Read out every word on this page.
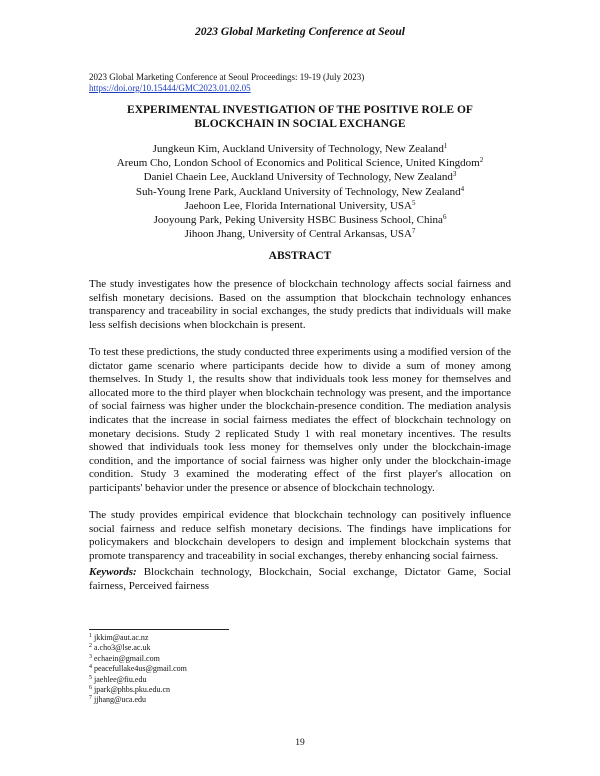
2023 Global Marketing Conference at Seoul
2023 Global Marketing Conference at Seoul Proceedings: 19-19 (July 2023)
https://doi.org/10.15444/GMC2023.01.02.05
EXPERIMENTAL INVESTIGATION OF THE POSITIVE ROLE OF
BLOCKCHAIN IN SOCIAL EXCHANGE
Jungkeun Kim, Auckland University of Technology, New Zealand$^1$
Areum Cho, London School of Economics and Political Science, United Kingdom$^2$
Daniel Chaein Lee, Auckland University of Technology, New Zealand$^3$
Suh-Young Irene Park, Auckland University of Technology, New Zealand$^4$
Jaehoon Lee, Florida International University, USA$^5$
Jooyoung Park, Peking University HSBC Business School, China$^6$
Jihoon Jhang, University of Central Arkansas, USA$^7$
ABSTRACT

The study investigates how the presence of blockchain technology affects social fairness and selfish monetary decisions. Based on the assumption that blockchain technology enhances transparency and traceability in social exchanges, the study predicts that individuals will make less selfish decisions when blockchain is present.

To test these predictions, the study conducted three experiments using a modified version of the dictator game scenario where participants decide how to divide a sum of money among themselves. In Study 1, the results show that individuals took less money for themselves and allocated more to the third player when blockchain technology was present, and the importance of social fairness was higher under the blockchain-presence condition. The mediation analysis indicates that the increase in social fairness mediates the effect of blockchain technology on monetary decisions. Study 2 replicated Study 1 with real monetary incentives. The results showed that individuals took less money for themselves only under the blockchain-image condition, and the importance of social fairness was higher only under the blockchain-image condition. Study 3 examined the moderating effect of the first player's allocation on participants' behavior under the presence or absence of blockchain technology.

The study provides empirical evidence that blockchain technology can positively influence social fairness and reduce selfish monetary decisions. The findings have implications for policymakers and blockchain developers to design and implement blockchain systems that promote transparency and traceability in social exchanges, thereby enhancing social fairness.

Keywords: Blockchain technology, Blockchain, Social exchange, Dictator Game, Social fairness, Perceived fairness

$^1$ jkkim@aut.ac.nz
$^2$ a.cho3@lse.ac.uk
$^3$ echaein@gmail.com
$^4$ peacefullake4us@gmail.com
$^5$ jaehlee@fiu.edu
$^6$ jpark@phbs.pku.edu.cn
$^7$ jjhang@uca.edu
19
